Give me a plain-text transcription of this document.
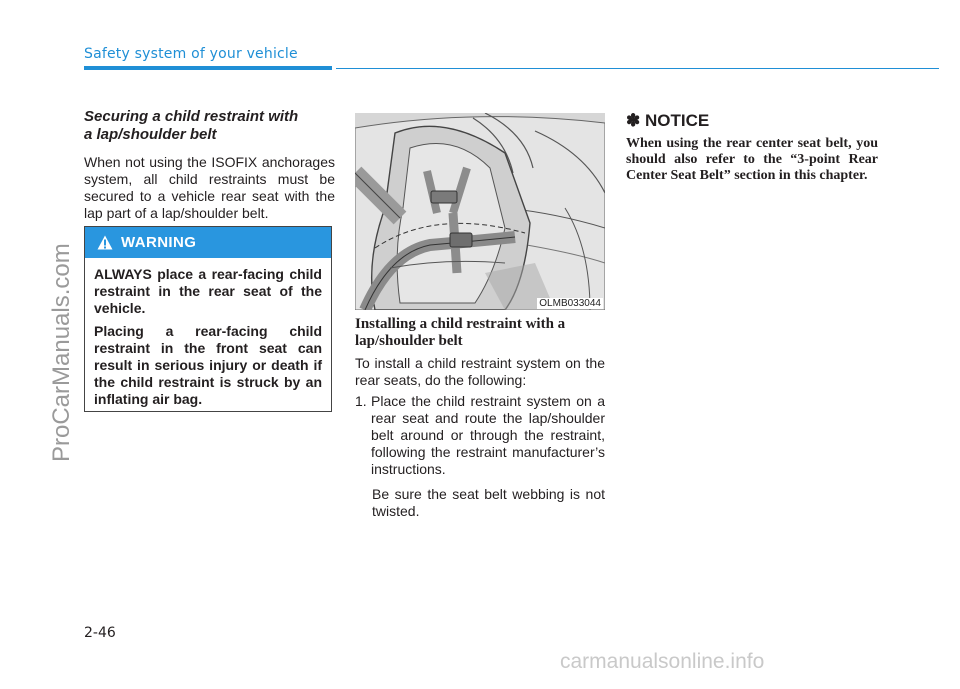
Safety system of your vehicle
ProCarManuals.com
Securing a child restraint with
a lap/shoulder belt

When not using the ISOFIX anchorages system, all child restraints must be secured to a vehicle rear seat with the lap part of a lap/shoulder belt.

WARNING

ALWAYS place a rear-facing child restraint in the rear seat of the vehicle.

Placing a rear-facing child restraint in the front seat can result in serious injury or death if the child restraint is struck by an inflating air bag.

OLMB033044
Installing a child restraint with a
lap/shoulder belt

To install a child restraint system on the rear seats, do the following:

1. Place the child restraint system on a rear seat and route the lap/shoulder belt around or through the restraint, following the restraint manufacturer’s instructions.

Be sure the seat belt webbing is not twisted.

✽ NOTICE

When using the rear center seat belt, you should also refer to the “3-point Rear Center Seat Belt” section in this chapter.

2-46
carmanualsonline.info
